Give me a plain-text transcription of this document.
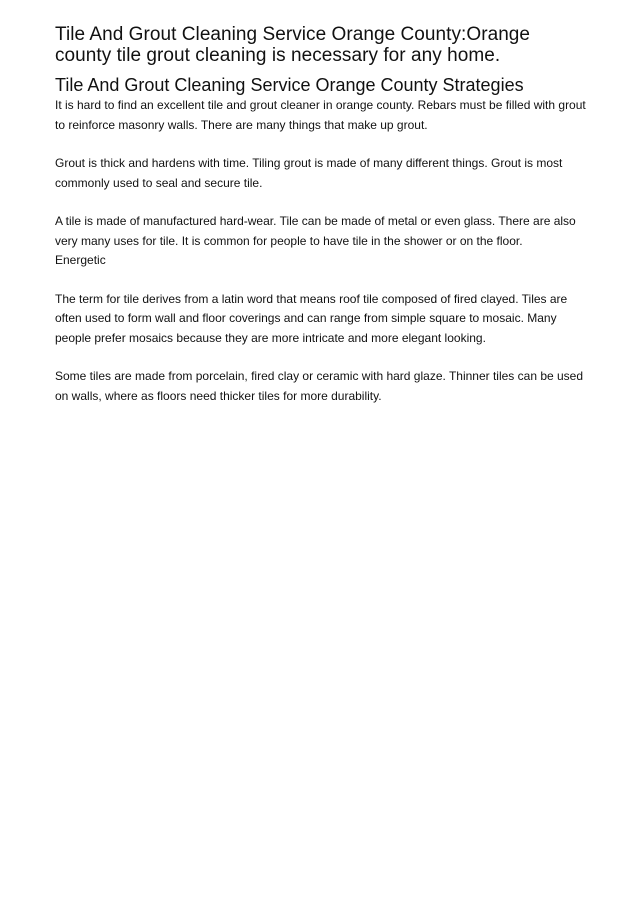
Tile And Grout Cleaning Service Orange County:Orange county tile grout cleaning is necessary for any home.
Tile And Grout Cleaning Service Orange County Strategies

It is hard to find an excellent tile and grout cleaner in orange county. Rebars must be filled with grout to reinforce masonry walls. There are many things that make up grout.

Grout is thick and hardens with time. Tiling grout is made of many different things. Grout is most commonly used to seal and secure tile.

A tile is made of manufactured hard-wear. Tile can be made of metal or even glass. There are also very many uses for tile. It is common for people to have tile in the shower or on the floor.

Energetic

The term for tile derives from a latin word that means roof tile composed of fired clayed. Tiles are often used to form wall and floor coverings and can range from simple square to mosaic. Many people prefer mosaics because they are more intricate and more elegant looking.

Some tiles are made from porcelain, fired clay or ceramic with hard glaze. Thinner tiles can be used on walls, where as floors need thicker tiles for more durability.
